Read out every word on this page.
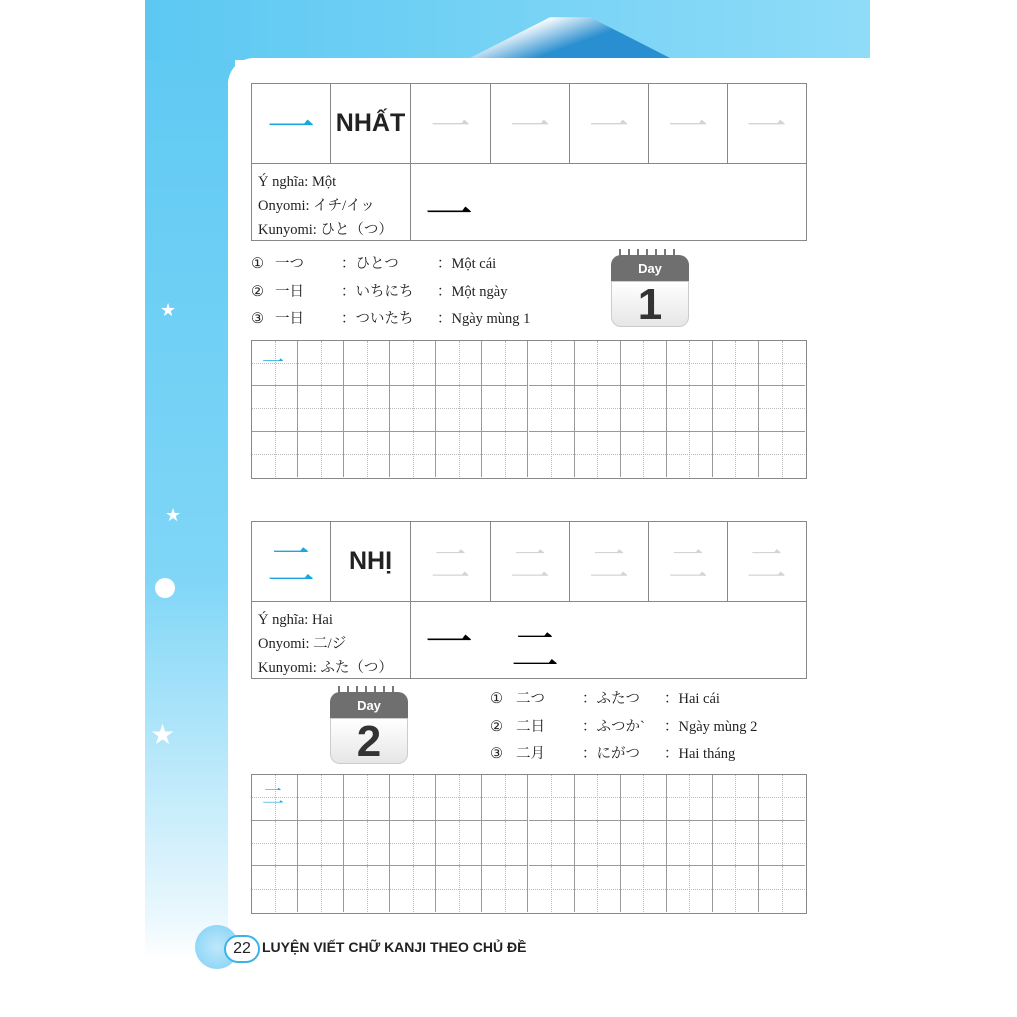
★
★
★
一 NHẤT 一 一 一 一 一
Ý nghĩa: Một
Onyomi: イチ/イッ
Kunyomi: ひと（つ） 一
① 一つ	：ひとつ	：Một cái
② 一日	：いちにち ：Một ngày
③ 一日	：ついたち ：Ngày mùng 1
Day
1
一
二 NHỊ 二 二 二 二 二
Ý nghĩa: Hai
Onyomi: 二/ジ
Kunyomi: ふた（つ） 一 二
Day
2
① 二つ	：ふたつ ：Hai cái
② 二日	：ふつか` ：Ngày mùng 2
③ 二月	：にがつ ：Hai tháng
二
22 LUYỆN VIẾT CHỮ KANJI THEO CHỦ ĐỀ
